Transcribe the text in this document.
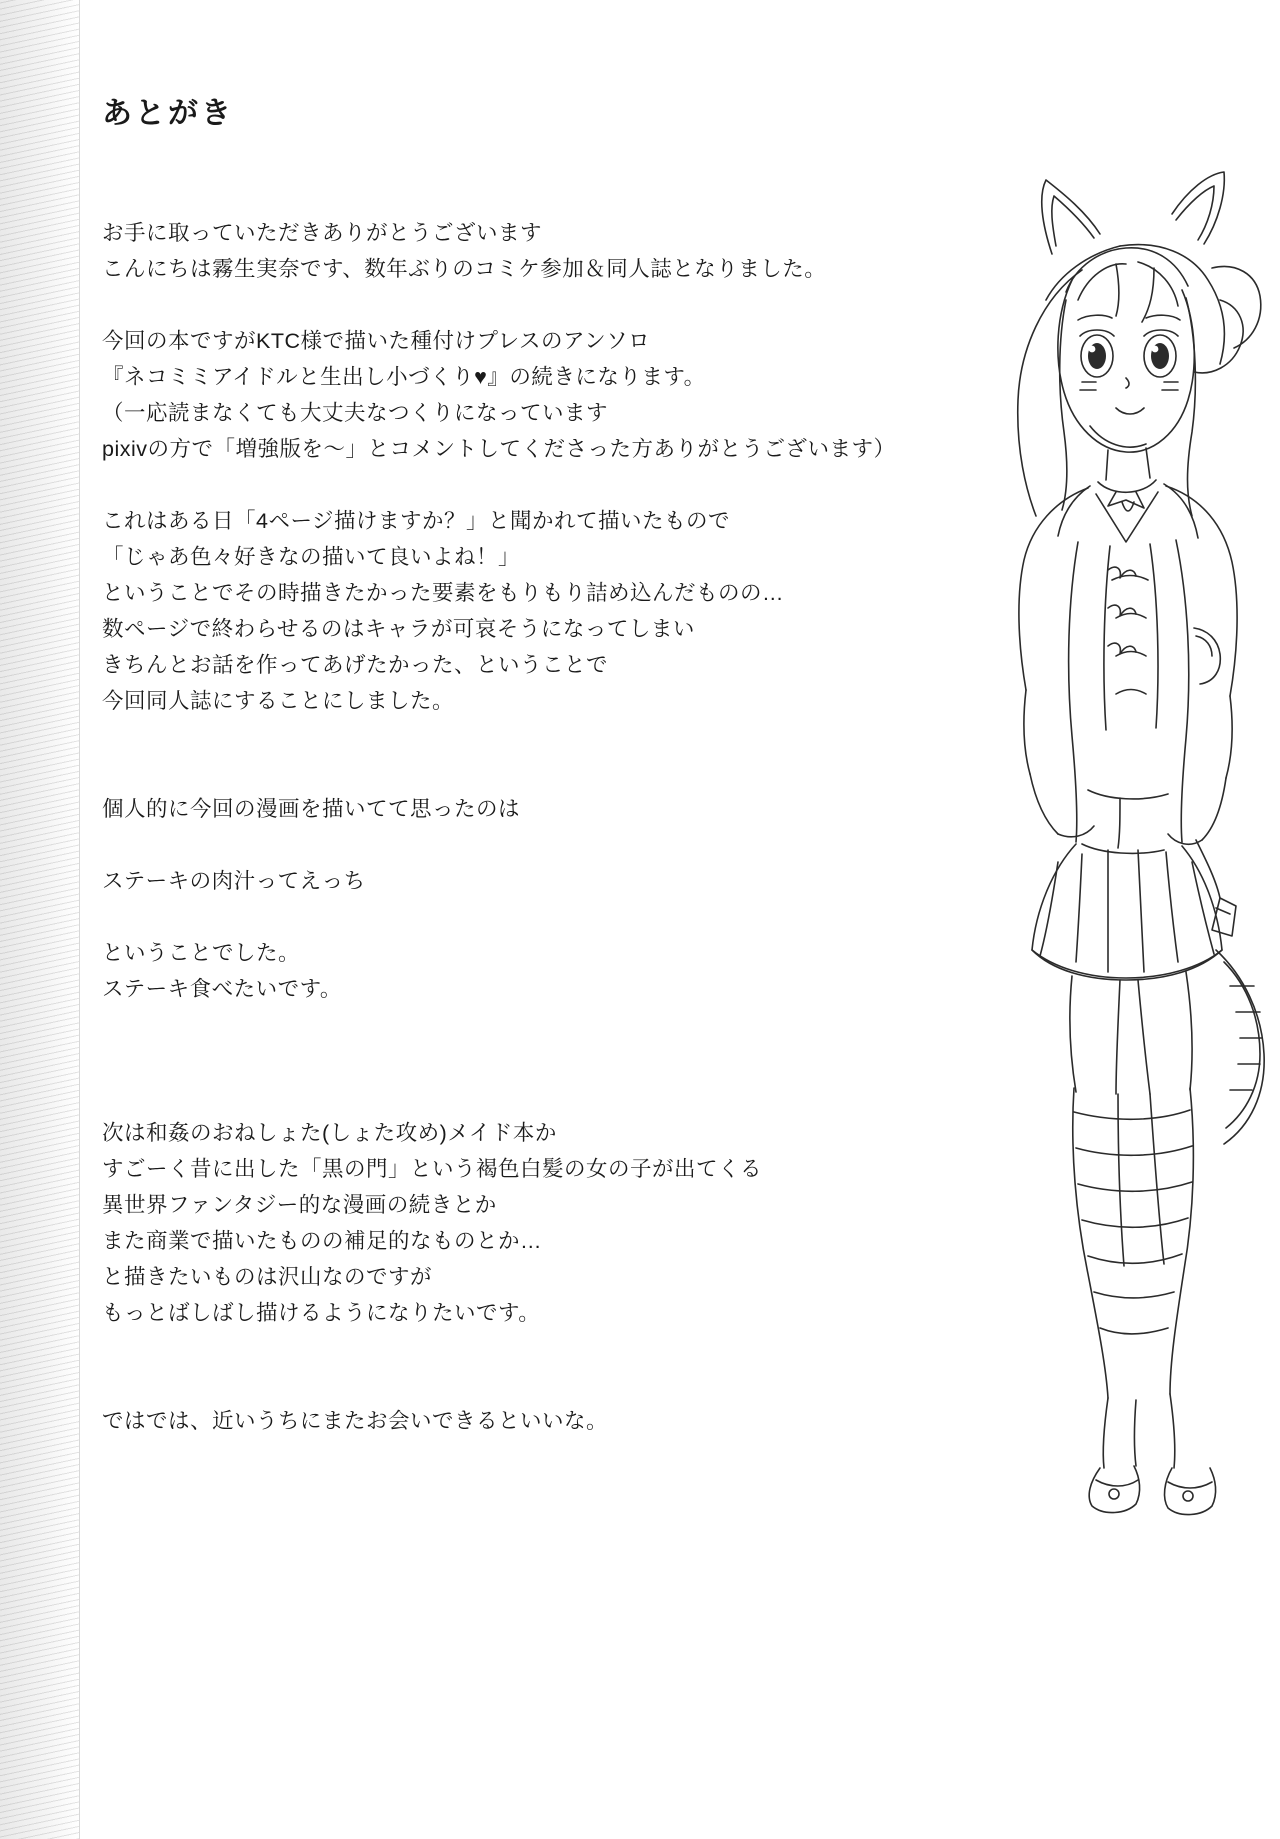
あとがき

お手に取っていただきありがとうございます
こんにちは霧生実奈です、数年ぶりのコミケ参加＆同人誌となりました。

今回の本ですがKTC様で描いた種付けプレスのアンソロ
『ネコミミアイドルと生出し小づくり♥』の続きになります。
（一応読まなくても大丈夫なつくりになっています
pixivの方で「増強版を～」とコメントしてくださった方ありがとうございます）

これはある日「4ページ描けますか？」と聞かれて描いたもので
「じゃあ色々好きなの描いて良いよね！」
ということでその時描きたかった要素をもりもり詰め込んだものの…
数ページで終わらせるのはキャラが可哀そうになってしまい
きちんとお話を作ってあげたかった、ということで
今回同人誌にすることにしました。

個人的に今回の漫画を描いてて思ったのは

ステーキの肉汁ってえっち

ということでした。
ステーキ食べたいです。

次は和姦のおねしょた(しょた攻め)メイド本か
すごーく昔に出した「黒の門」という褐色白髪の女の子が出てくる
異世界ファンタジー的な漫画の続きとか
また商業で描いたものの補足的なものとか…
と描きたいものは沢山なのですが
もっとばしばし描けるようになりたいです。

ではでは、近いうちにまたお会いできるといいな。
